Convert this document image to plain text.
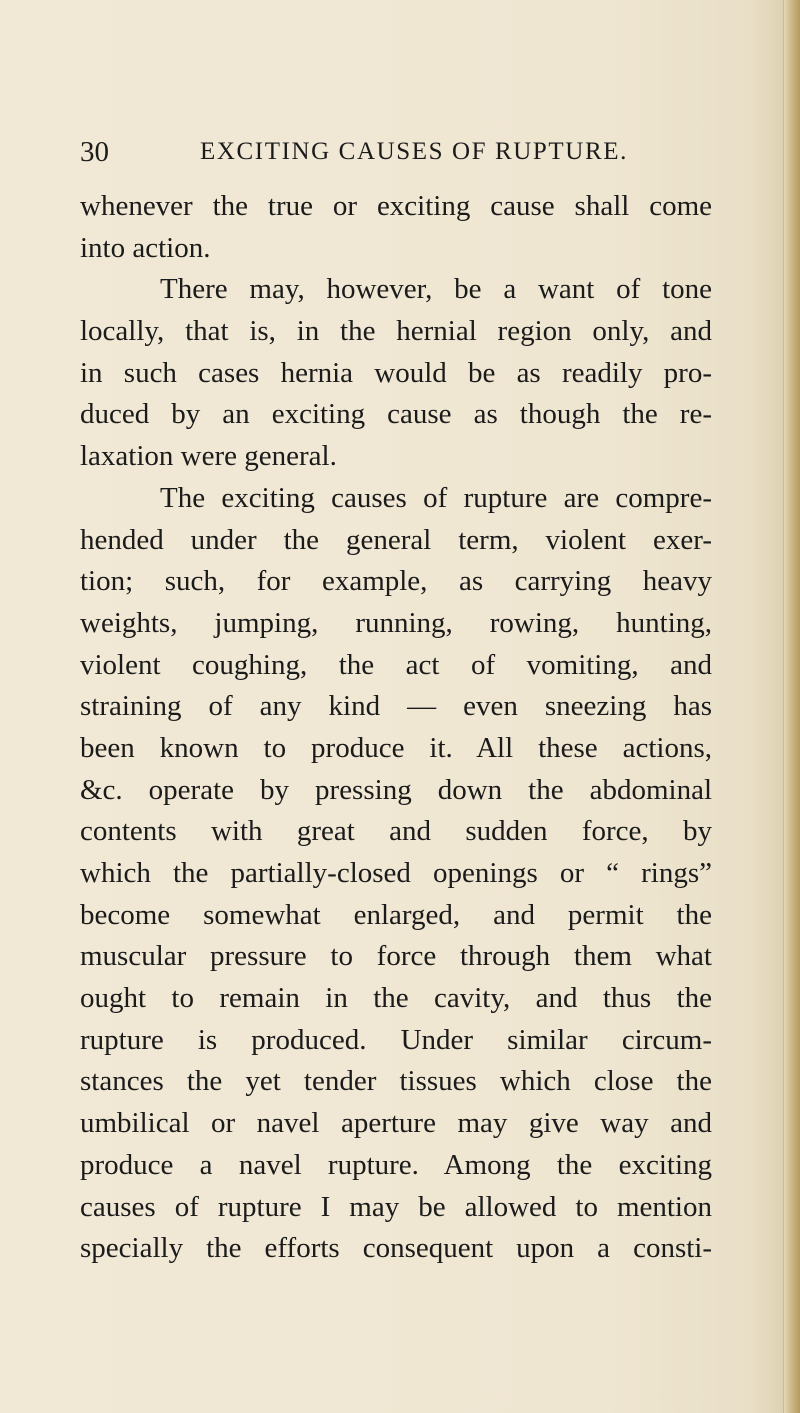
30	EXCITING CAUSES OF RUPTURE.
whenever the true or exciting cause shall come
into action.
There may, however, be a want of tone
locally, that is, in the hernial region only, and
in such cases hernia would be as readily pro-
duced by an exciting cause as though the re-
laxation were general.
The exciting causes of rupture are compre-
hended under the general term, violent exer-
tion; such, for example, as carrying heavy
weights, jumping, running, rowing, hunting,
violent coughing, the act of vomiting, and
straining of any kind — even sneezing has
been known to produce it. All these actions,
&c. operate by pressing down the abdominal
contents with great and sudden force, by
which the partially-closed openings or “ rings”
become somewhat enlarged, and permit the
muscular pressure to force through them what
ought to remain in the cavity, and thus the
rupture is produced. Under similar circum-
stances the yet tender tissues which close the
umbilical or navel aperture may give way and
produce a navel rupture. Among the exciting
causes of rupture I may be allowed to mention
specially the efforts consequent upon a consti-
